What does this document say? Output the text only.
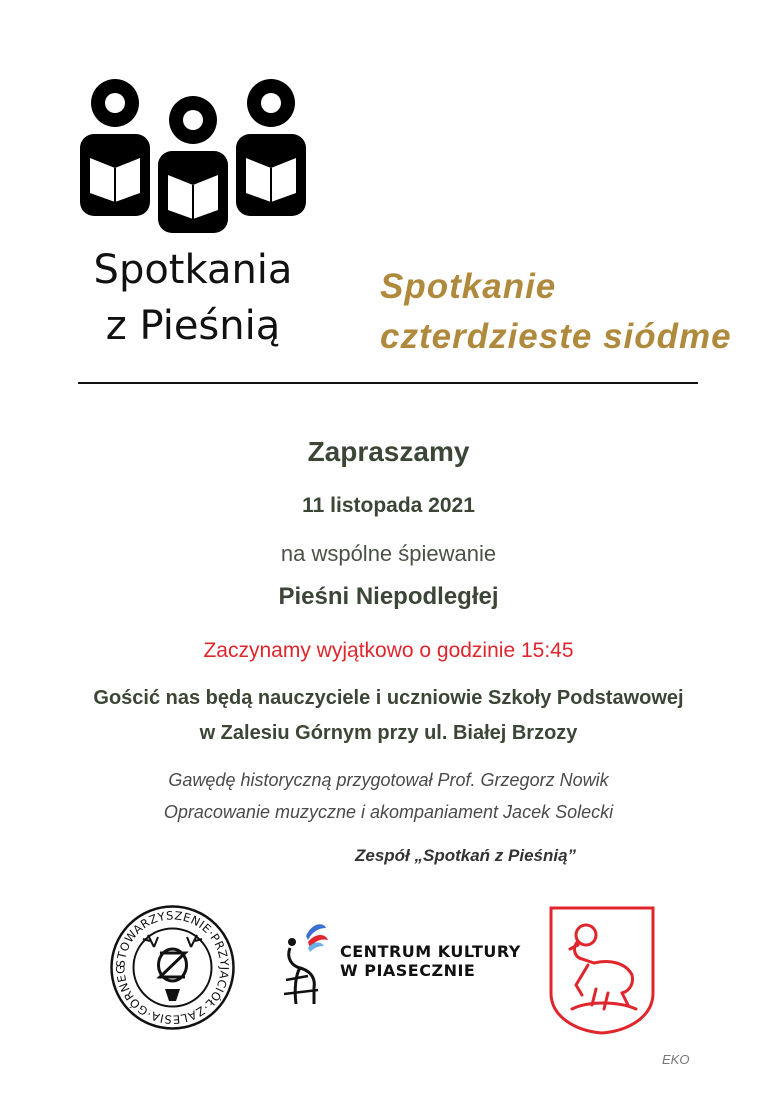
Spotkania
z Pieśnią
Spotkanie
czterdzieste siódme
Zapraszamy
11 listopada 2021
na wspólne śpiewanie
Pieśni Niepodległej
Zaczynamy wyjątkowo o godzinie 15:45
Gościć nas będą nauczyciele i uczniowie Szkoły Podstawowej
w Zalesiu Górnym przy ul. Białej Brzozy
Gawędę historyczną przygotował Prof. Grzegorz Nowik
Opracowanie muzyczne i akompaniament Jacek Solecki
Zespół „Spotkań z Pieśnią”
STOWARZYSZENIE·PRZYJACIÓŁ·ZALESIA·GÓRNEG
CENTRUM KULTURY
W PIASECZNIE
EKO
